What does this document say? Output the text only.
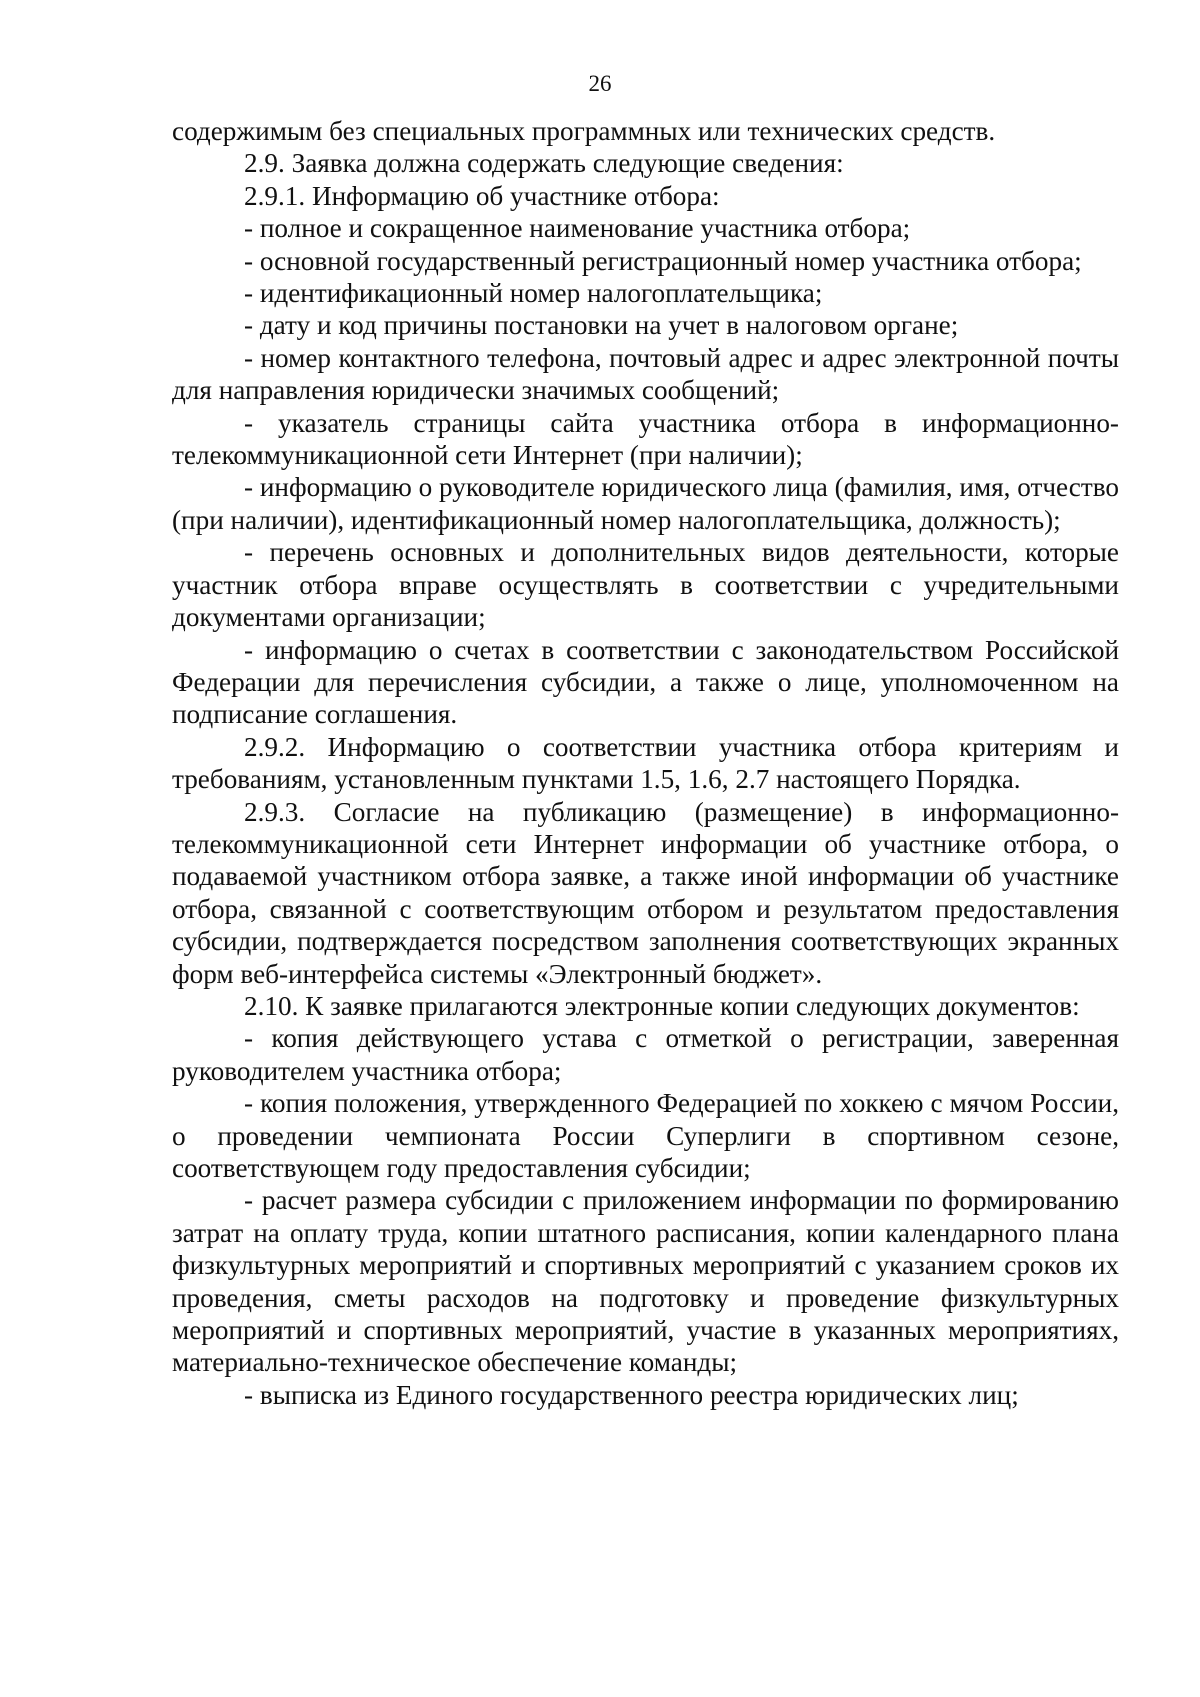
26

содержимым без специальных программных или технических средств.

2.9. Заявка должна содержать следующие сведения:

2.9.1. Информацию об участнике отбора:

- полное и сокращенное наименование участника отбора;

- основной государственный регистрационный номер участника отбора;

- идентификационный номер налогоплательщика;

- дату и код причины постановки на учет в налоговом органе;

- номер контактного телефона, почтовый адрес и адрес электронной почты для направления юридически значимых сообщений;

- указатель страницы сайта участника отбора в информационно-телекоммуникационной сети Интернет (при наличии);

- информацию о руководителе юридического лица (фамилия, имя, отчество (при наличии), идентификационный номер налогоплательщика, должность);

- перечень основных и дополнительных видов деятельности, которые участник отбора вправе осуществлять в соответствии с учредительными документами организации;

- информацию о счетах в соответствии с законодательством Российской Федерации для перечисления субсидии, а также о лице, уполномоченном на подписание соглашения.

2.9.2. Информацию о соответствии участника отбора критериям и требованиям, установленным пунктами 1.5, 1.6, 2.7 настоящего Порядка.

2.9.3. Согласие на публикацию (размещение) в информационно-телекоммуникационной сети Интернет информации об участнике отбора, о подаваемой участником отбора заявке, а также иной информации об участнике отбора, связанной с соответствующим отбором и результатом предоставления субсидии, подтверждается посредством заполнения соответствующих экранных форм веб-интерфейса системы «Электронный бюджет».

2.10. К заявке прилагаются электронные копии следующих документов:

- копия действующего устава с отметкой о регистрации, заверенная руководителем участника отбора;

- копия положения, утвержденного Федерацией по хоккею с мячом России, о проведении чемпионата России Суперлиги в спортивном сезоне, соответствующем году предоставления субсидии;

- расчет размера субсидии с приложением информации по формированию затрат на оплату труда, копии штатного расписания, копии календарного плана физкультурных мероприятий и спортивных мероприятий с указанием сроков их проведения, сметы расходов на подготовку и проведение физкультурных мероприятий и спортивных мероприятий, участие в указанных мероприятиях, материально-техническое обеспечение команды;

- выписка из Единого государственного реестра юридических лиц;
